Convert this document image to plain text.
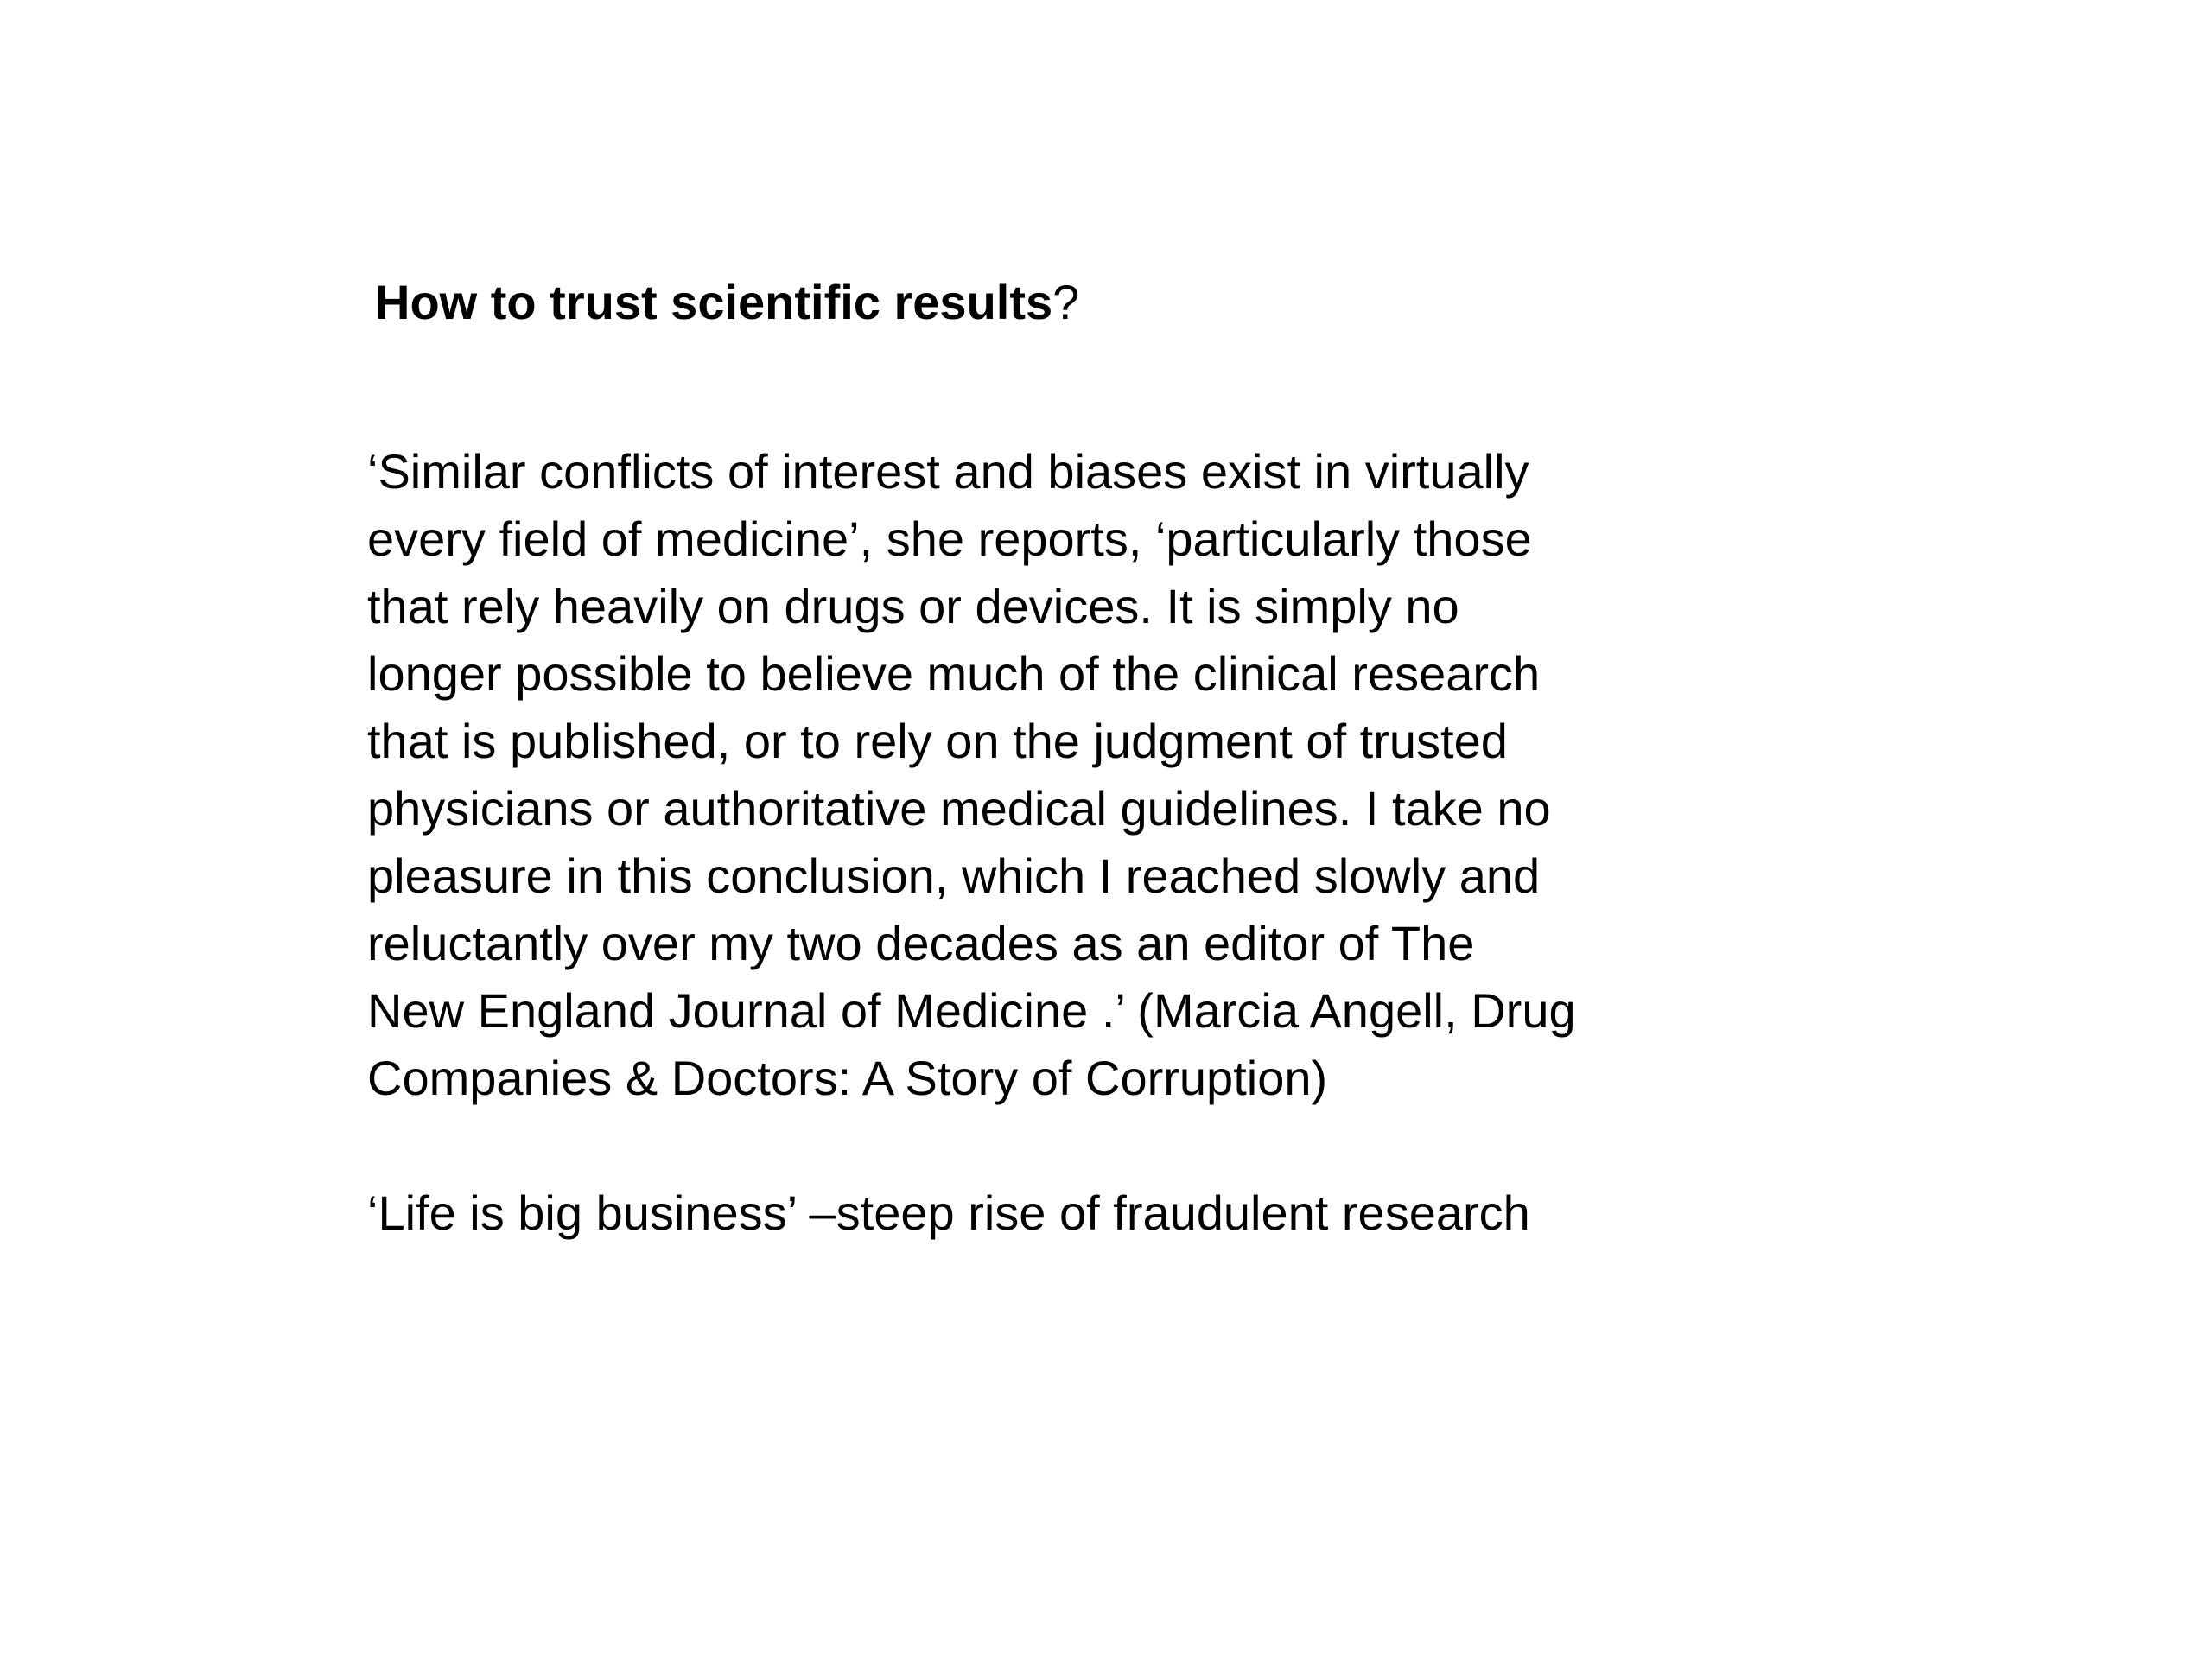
How to trust scientific results?
‘Similar conflicts of interest and biases exist in virtually
every field of medicine’, she reports, ‘particularly those
that rely heavily on drugs or devices. It is simply no
longer possible to believe much of the clinical research
that is published, or to rely on the judgment of trusted
physicians or authoritative medical guidelines. I take no
pleasure in this conclusion, which I reached slowly and
reluctantly over my two decades as an editor of The
New England Journal of Medicine .’ (Marcia Angell, Drug
Companies & Doctors: A Story of Corruption)
‘Life is big business’ –steep rise of fraudulent research
